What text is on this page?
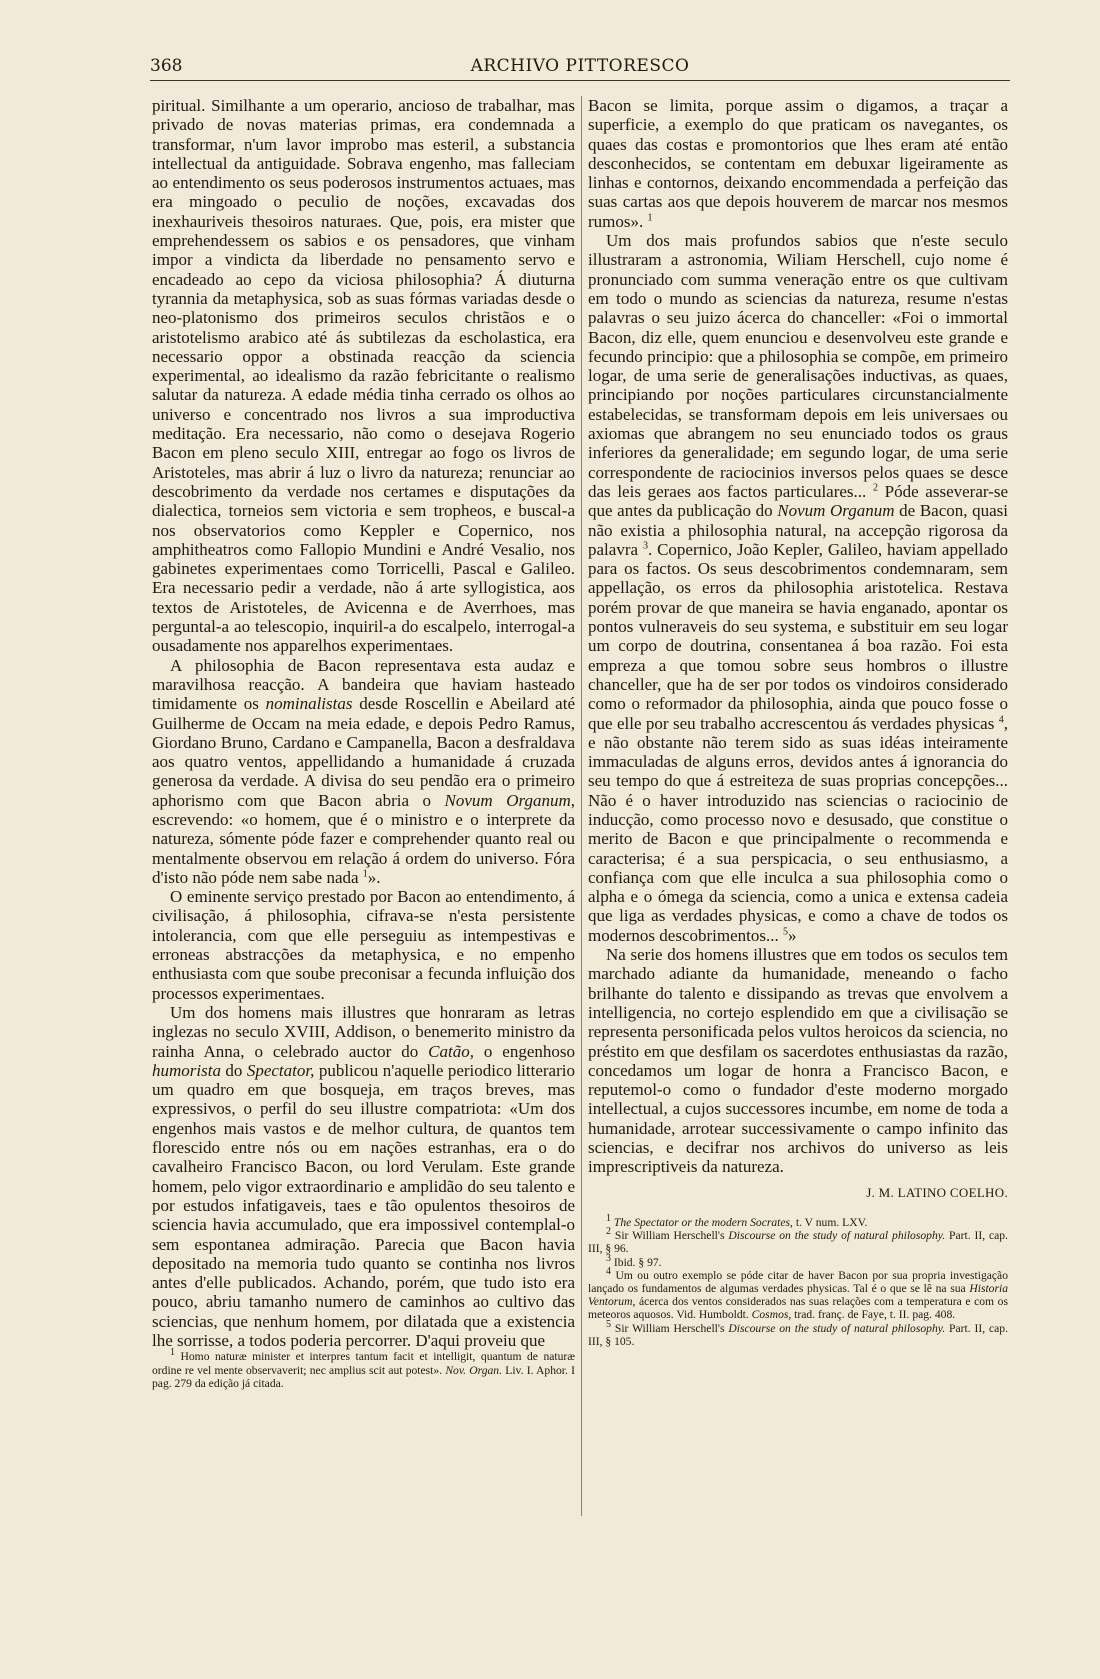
368	ARCHIVO PITTORESCO

piritual. Similhante a um operario, ancioso de trabalhar, mas privado de novas materias primas, era condemnada a transformar, n'um lavor improbo mas esteril, a substancia intellectual da antiguidade. Sobrava engenho, mas falleciam ao entendimento os seus poderosos instrumentos actuaes, mas era mingoado o peculio de noções, excavadas dos inexhauriveis thesoiros naturaes. Que, pois, era mister que emprehendessem os sabios e os pensadores, que vinham impor a vindicta da liberdade no pensamento servo e encadeado ao cepo da viciosa philosophia? Á diuturna tyrannia da metaphysica, sob as suas fórmas variadas desde o neo-platonismo dos primeiros seculos christãos e o aristotelismo arabico até ás subtilezas da escholastica, era necessario oppor a obstinada reacção da sciencia experimental, ao idealismo da razão febricitante o realismo salutar da natureza. A edade média tinha cerrado os olhos ao universo e concentrado nos livros a sua improductiva meditação. Era necessario, não como o desejava Rogerio Bacon em pleno seculo XIII, entregar ao fogo os livros de Aristoteles, mas abrir á luz o livro da natureza; renunciar ao descobrimento da verdade nos certames e disputações da dialectica, torneios sem victoria e sem tropheos, e buscal-a nos observatorios como Keppler e Copernico, nos amphitheatros como Fallopio Mundini e André Vesalio, nos gabinetes experimentaes como Torricelli, Pascal e Galileo. Era necessario pedir a verdade, não á arte syllogistica, aos textos de Aristoteles, de Avicenna e de Averrhoes, mas perguntal-a ao telescopio, inquiril-a do escalpelo, interrogal-a ousadamente nos apparelhos experimentaes.

A philosophia de Bacon representava esta audaz e maravilhosa reacção. A bandeira que haviam hasteado timidamente os nominalistas desde Roscellin e Abeilard até Guilherme de Occam na meia edade, e depois Pedro Ramus, Giordano Bruno, Cardano e Campanella, Bacon a desfraldava aos quatro ventos, appellidando a humanidade á cruzada generosa da verdade. A divisa do seu pendão era o primeiro aphorismo com que Bacon abria o Novum Organum, escrevendo: «o homem, que é o ministro e o interprete da natureza, sómente póde fazer e comprehender quanto real ou mentalmente observou em relação á ordem do universo. Fóra d'isto não póde nem sabe nada $^1$».

O eminente serviço prestado por Bacon ao entendimento, á civilisação, á philosophia, cifrava-se n'esta persistente intolerancia, com que elle perseguiu as intempestivas e erroneas abstracções da metaphysica, e no empenho enthusiasta com que soube preconisar a fecunda influição dos processos experimentaes.

Um dos homens mais illustres que honraram as letras inglezas no seculo XVIII, Addison, o benemerito ministro da rainha Anna, o celebrado auctor do Catão, o engenhoso humorista do Spectator, publicou n'aquelle periodico litterario um quadro em que bosqueja, em traços breves, mas expressivos, o perfil do seu illustre compatriota: «Um dos engenhos mais vastos e de melhor cultura, de quantos tem florescido entre nós ou em nações estranhas, era o do cavalheiro Francisco Bacon, ou lord Verulam. Este grande homem, pelo vigor extraordinario e amplidão do seu talento e por estudos infatigaveis, taes e tão opulentos thesoiros de sciencia havia accumulado, que era impossivel contemplal-o sem espontanea admiração. Parecia que Bacon havia depositado na memoria tudo quanto se continha nos livros antes d'elle publicados. Achando, porém, que tudo isto era pouco, abriu tamanho numero de caminhos ao cultivo das sciencias, que nenhum homem, por dilatada que a existencia lhe sorrisse, a todos poderia percorrer. D'aqui proveiu que

1 Homo naturæ minister et interpres tantum facit et intelligit, quantum de naturæ ordine re vel mente observaverit; nec amplius scit aut potest». Nov. Organ. Liv. I. Aphor. I pag. 279 da edição já citada.

Bacon se limita, porque assim o digamos, a traçar a superficie, a exemplo do que praticam os navegantes, os quaes das costas e promontorios que lhes eram até então desconhecidos, se contentam em debuxar ligeiramente as linhas e contornos, deixando encommendada a perfeição das suas cartas aos que depois houverem de marcar nos mesmos rumos». $^1$

Um dos mais profundos sabios que n'este seculo illustraram a astronomia, Wiliam Herschell, cujo nome é pronunciado com summa veneração entre os que cultivam em todo o mundo as sciencias da natureza, resume n'estas palavras o seu juizo ácerca do chanceller: «Foi o immortal Bacon, diz elle, quem enunciou e desenvolveu este grande e fecundo principio: que a philosophia se compõe, em primeiro logar, de uma serie de generalisações inductivas, as quaes, principiando por noções particulares circunstancialmente estabelecidas, se transformam depois em leis universaes ou axiomas que abrangem no seu enunciado todos os graus inferiores da generalidade; em segundo logar, de uma serie correspondente de raciocinios inversos pelos quaes se desce das leis geraes aos factos particulares... $^2$ Póde asseverar-se que antes da publicação do Novum Organum de Bacon, quasi não existia a philosophia natural, na accepção rigorosa da palavra $^3$. Copernico, João Kepler, Galileo, haviam appellado para os factos. Os seus descobrimentos condemnaram, sem appellação, os erros da philosophia aristotelica. Restava porém provar de que maneira se havia enganado, apontar os pontos vulneraveis do seu systema, e substituir em seu logar um corpo de doutrina, consentanea á boa razão. Foi esta empreza a que tomou sobre seus hombros o illustre chanceller, que ha de ser por todos os vindoiros considerado como o reformador da philosophia, ainda que pouco fosse o que elle por seu trabalho accrescentou ás verdades physicas $^4$, e não obstante não terem sido as suas idéas inteiramente immaculadas de alguns erros, devidos antes á ignorancia do seu tempo do que á estreiteza de suas proprias concepções... Não é o haver introduzido nas sciencias o raciocinio de inducção, como processo novo e desusado, que constitue o merito de Bacon e que principalmente o recommenda e caracterisa; é a sua perspicacia, o seu enthusiasmo, a confiança com que elle inculca a sua philosophia como o alpha e o ómega da sciencia, como a unica e extensa cadeia que liga as verdades physicas, e como a chave de todos os modernos descobrimentos... $^5$»

Na serie dos homens illustres que em todos os seculos tem marchado adiante da humanidade, meneando o facho brilhante do talento e dissipando as trevas que envolvem a intelligencia, no cortejo esplendido em que a civilisação se representa personificada pelos vultos heroicos da sciencia, no préstito em que desfilam os sacerdotes enthusiastas da razão, concedamos um logar de honra a Francisco Bacon, e reputemol-o como o fundador d'este moderno morgado intellectual, a cujos successores incumbe, em nome de toda a humanidade, arrotear successivamente o campo infinito das sciencias, e decifrar nos archivos do universo as leis imprescriptiveis da natureza.

J. M. LATINO COELHO.

1 The Spectator or the modern Socrates, t. V num. LXV.

2 Sir William Herschell's Discourse on the study of natural philosophy. Part. II, cap. III, § 96.

3 Ibid. § 97.

4 Um ou outro exemplo se póde citar de haver Bacon por sua propria investigação lançado os fundamentos de algumas verdades physicas. Tal é o que se lê na sua Historia Ventorum, ácerca dos ventos considerados nas suas relações com a temperatura e com os meteoros aquosos. Vid. Humboldt. Cosmos, trad. franç. de Faye, t. II. pag. 408.

5 Sir William Herschell's Discourse on the study of natural philosophy. Part. II, cap. III, § 105.
